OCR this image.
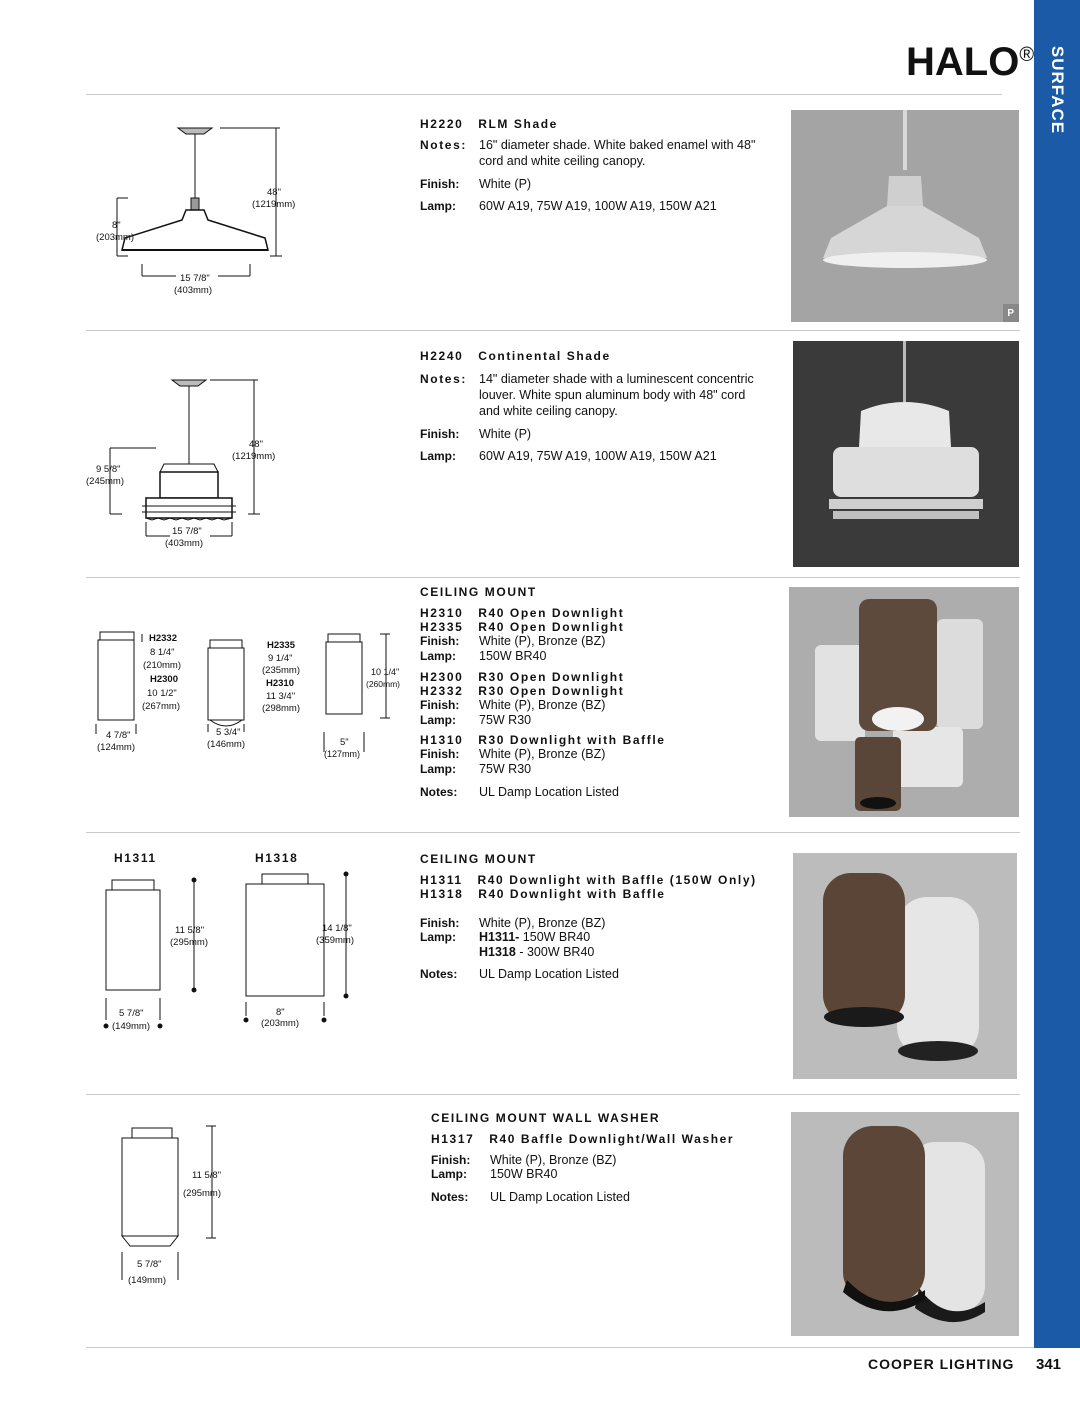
HALO® SURFACE
48"
(1219mm)
8"
(203mm)
15 7/8"
(403mm)
H2220 RLM Shade
Notes: 16" diameter shade. White baked enamel with 48" cord and white ceiling canopy.
Finish: White (P)
Lamp: 60W A19, 75W A19, 100W A19, 150W A21
P
48"
(1219mm)
9 5/8"
(245mm)
15 7/8"
(403mm)
H2240 Continental Shade
Notes: 14" diameter shade with a luminescent concentric louver. White spun aluminum body with 48" cord and white ceiling canopy.
Finish: White (P)
Lamp: 60W A19, 75W A19, 100W A19, 150W A21
H2332
8 1/4"
(210mm)
H2300
10 1/2"
(267mm)
4 7/8"
(124mm)
H2335
9 1/4"
(235mm)
H2310
11 3/4"
(298mm)
5 3/4"
(146mm)
10 1/4"
(260mm)
5"
(127mm)
CEILING MOUNT
H2310 R40 Open Downlight
H2335 R40 Open Downlight
Finish: White (P), Bronze (BZ)
Lamp: 150W BR40
H2300 R30 Open Downlight
H2332 R30 Open Downlight
Finish: White (P), Bronze (BZ)
Lamp: 75W R30
H1310 R30 Downlight with Baffle
Finish: White (P), Bronze (BZ)
Lamp: 75W R30
Notes: UL Damp Location Listed
H1311	H1318
11 5/8"
(295mm)
5 7/8"
(149mm)
14 1/8"
(359mm)
8"
(203mm)
CEILING MOUNT
H1311 R40 Downlight with Baffle (150W Only)
H1318 R40 Downlight with Baffle
Finish: White (P), Bronze (BZ)
Lamp: H1311- 150W BR40
H1318 - 300W BR40
Notes: UL Damp Location Listed
11 5/8"
(295mm)
5 7/8"
(149mm)
CEILING MOUNT WALL WASHER
H1317 R40 Baffle Downlight/Wall Washer
Finish: White (P), Bronze (BZ)
Lamp: 150W BR40
Notes: UL Damp Location Listed
COOPER LIGHTING 341
